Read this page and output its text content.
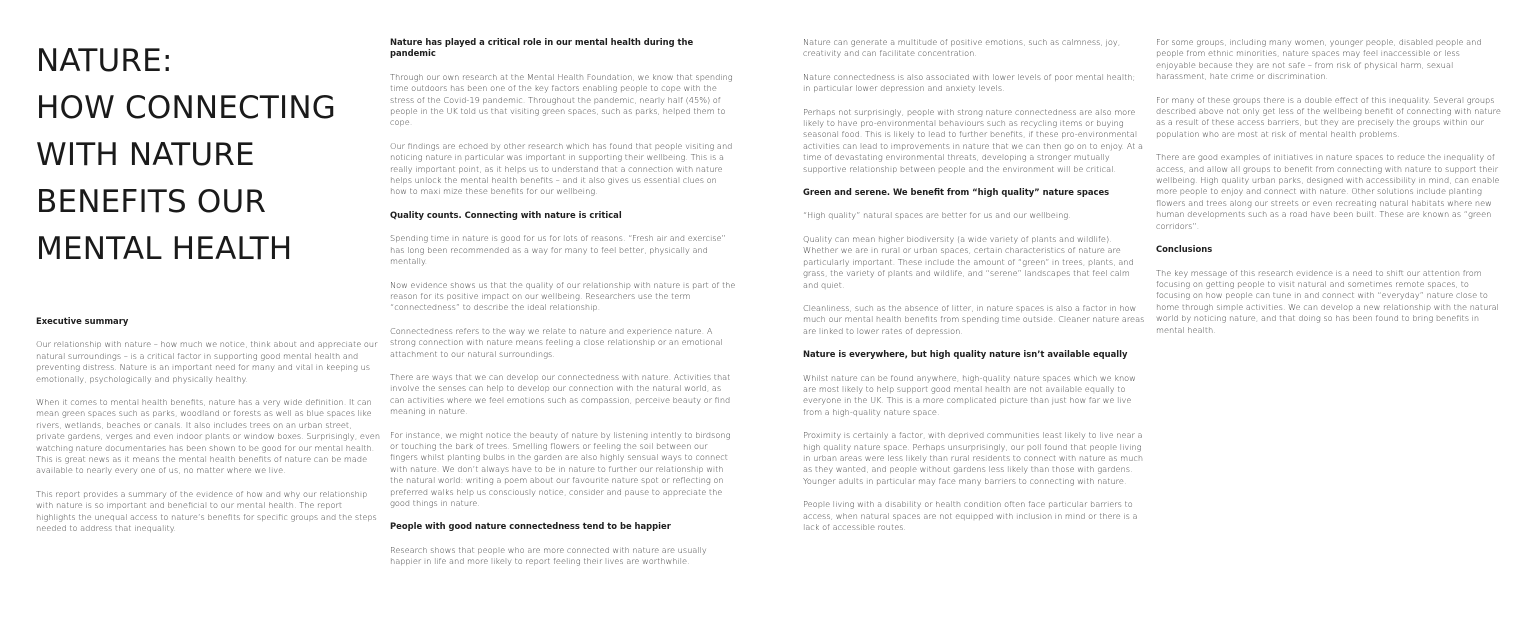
NATURE:
HOW CONNECTING
WITH NATURE
BENEFITS OUR
MENTAL HEALTH
Executive summary

Our relationship with nature – how much we notice, think about and appreciate our natural surroundings – is a critical factor in supporting good mental health and preventing distress. Nature is an important need for many and vital in keeping us emotionally, psychologically and physically healthy.

When it comes to mental health benefits, nature has a very wide definition. It can mean green spaces such as parks, woodland or forests as well as blue spaces like rivers, wetlands, beaches or canals. It also includes trees on an urban street, private gardens, verges and even indoor plants or window boxes. Surprisingly, even watching nature documentaries has been shown to be good for our mental health. This is great news as it means the mental health benefits of nature can be made available to nearly every one of us, no matter where we live.

This report provides a summary of the evidence of how and why our relationship with nature is so important and beneficial to our mental health. The report highlights the unequal access to nature’s benefits for specific groups and the steps needed to address that inequality.

Nature has played a critical role in our mental health during the pandemic

Through our own research at the Mental Health Foundation, we know that spending time outdoors has been one of the key factors enabling people to cope with the stress of the Covid-19 pandemic. Throughout the pandemic, nearly half (45%) of people in the UK told us that visiting green spaces, such as parks, helped them to cope.

Our findings are echoed by other research which has found that people visiting and noticing nature in particular was important in supporting their wellbeing. This is a really important point, as it helps us to understand that a connection with nature helps unlock the mental health benefits – and it also gives us essential clues on how to maxi mize these benefits for our wellbeing.

Quality counts. Connecting with nature is critical

Spending time in nature is good for us for lots of reasons. “Fresh air and exercise” has long been recommended as a way for many to feel better, physically and mentally.

Now evidence shows us that the quality of our relationship with nature is part of the reason for its positive impact on our wellbeing. Researchers use the term “connectedness” to describe the ideal relationship.

Connectedness refers to the way we relate to nature and experience nature. A strong connection with nature means feeling a close relationship or an emotional attachment to our natural surroundings.

There are ways that we can develop our connectedness with nature. Activities that involve the senses can help to develop our connection with the natural world, as can activities where we feel emotions such as compassion, perceive beauty or find meaning in nature.

For instance, we might notice the beauty of nature by listening intently to birdsong or touching the bark of trees. Smelling flowers or feeling the soil between our fingers whilst planting bulbs in the garden are also highly sensual ways to connect with nature. We don’t always have to be in nature to further our relationship with the natural world: writing a poem about our favourite nature spot or reflecting on preferred walks help us consciously notice, consider and pause to appreciate the good things in nature.

People with good nature connectedness tend to be happier

Research shows that people who are more connected with nature are usually happier in life and more likely to report feeling their lives are worthwhile.

Nature can generate a multitude of positive emotions, such as calmness, joy, creativity and can facilitate concentration.

Nature connectedness is also associated with lower levels of poor mental health; in particular lower depression and anxiety levels.

Perhaps not surprisingly, people with strong nature connectedness are also more likely to have pro-environmental behaviours such as recycling items or buying seasonal food. This is likely to lead to further benefits, if these pro-environmental activities can lead to improvements in nature that we can then go on to enjoy. At a time of devastating environmental threats, developing a stronger mutually supportive relationship between people and the environment will be critical.

Green and serene. We benefit from “high quality” nature spaces

“High quality” natural spaces are better for us and our wellbeing.

Quality can mean higher biodiversity (a wide variety of plants and wildlife). Whether we are in rural or urban spaces, certain characteristics of nature are particularly important. These include the amount of “green” in trees, plants, and grass, the variety of plants and wildlife, and “serene” landscapes that feel calm and quiet.

Cleanliness, such as the absence of litter, in nature spaces is also a factor in how much our mental health benefits from spending time outside. Cleaner nature areas are linked to lower rates of depression.

Nature is everywhere, but high quality nature isn’t available equally

Whilst nature can be found anywhere, high-quality nature spaces which we know are most likely to help support good mental health are not available equally to everyone in the UK. This is a more complicated picture than just how far we live from a high-quality nature space.

Proximity is certainly a factor, with deprived communities least likely to live near a high quality nature space. Perhaps unsurprisingly, our poll found that people living in urban areas were less likely than rural residents to connect with nature as much as they wanted, and people without gardens less likely than those with gardens. Younger adults in particular may face many barriers to connecting with nature.

People living with a disability or health condition often face particular barriers to access, when natural spaces are not equipped with inclusion in mind or there is a lack of accessible routes.

For some groups, including many women, younger people, disabled people and people from ethnic minorities, nature spaces may feel inaccessible or less enjoyable because they are not safe – from risk of physical harm, sexual harassment, hate crime or discrimination.

For many of these groups there is a double effect of this inequality. Several groups described above not only get less of the wellbeing benefit of connecting with nature as a result of these access barriers, but they are precisely the groups within our population who are most at risk of mental health problems.

There are good examples of initiatives in nature spaces to reduce the inequality of access, and allow all groups to benefit from connecting with nature to support their wellbeing. High quality urban parks, designed with accessibility in mind, can enable more people to enjoy and connect with nature. Other solutions include planting flowers and trees along our streets or even recreating natural habitats where new human developments such as a road have been built. These are known as “green corridors”.

Conclusions

The key message of this research evidence is a need to shift our attention from focusing on getting people to visit natural and sometimes remote spaces, to focusing on how people can tune in and connect with “everyday” nature close to home through simple activities. We can develop a new relationship with the natural world by noticing nature, and that doing so has been found to bring benefits in mental health.
